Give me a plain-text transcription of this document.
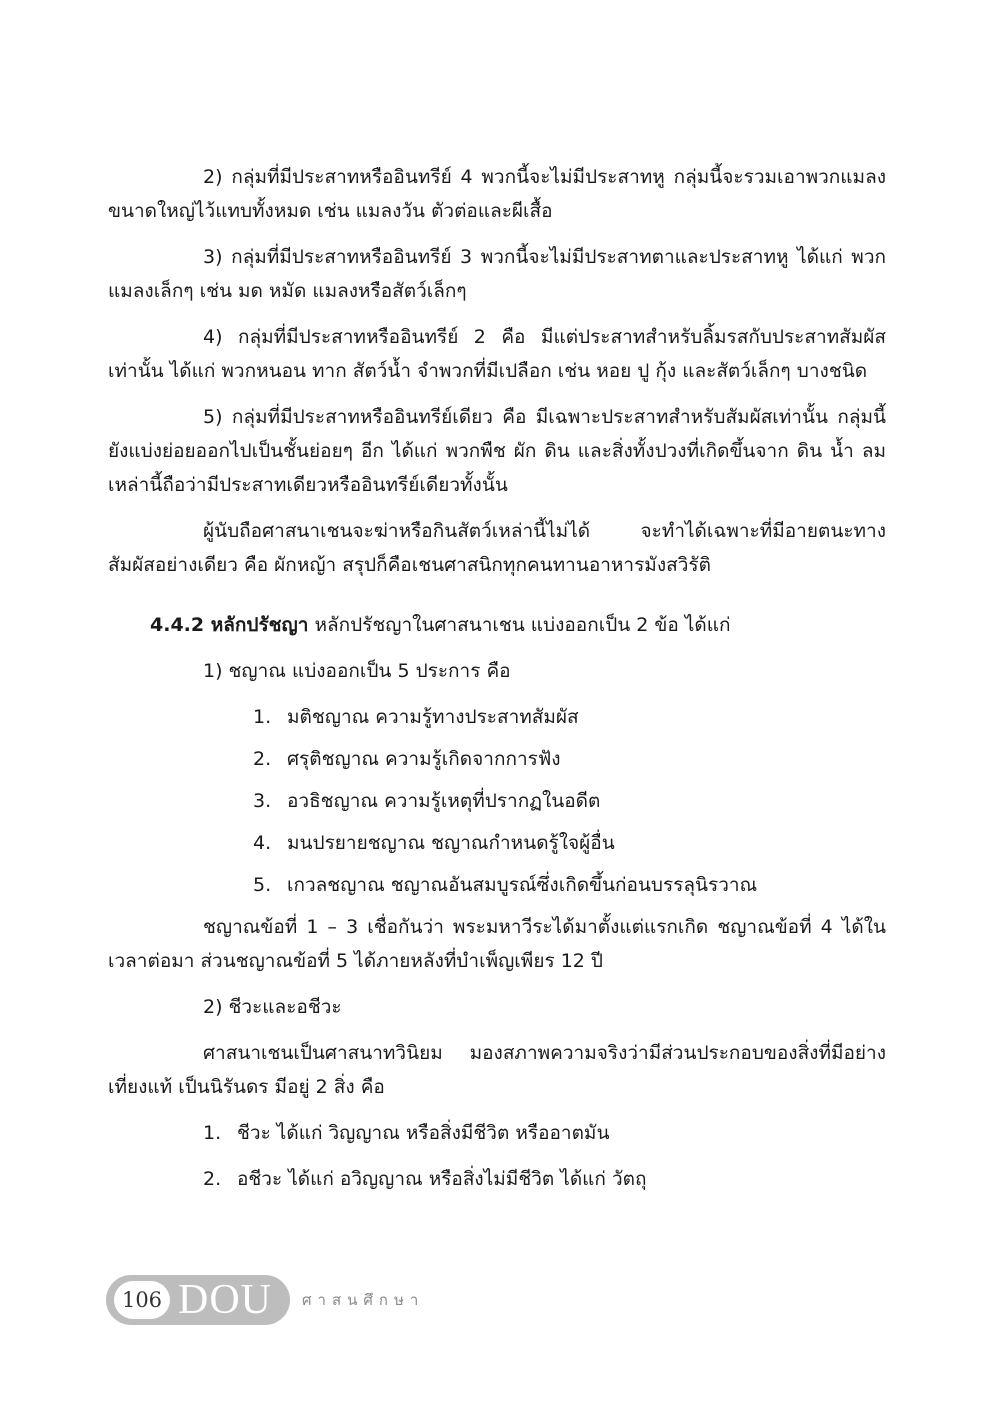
2) กลุ่มที่มีประสาทหรืออินทรีย์ 4 พวกนี้จะไม่มีประสาทหู กลุ่มนี้จะรวมเอาพวกแมลงขนาดใหญ่ไว้แทบทั้งหมด เช่น แมลงวัน ตัวต่อและผีเสื้อ

3) กลุ่มที่มีประสาทหรืออินทรีย์ 3 พวกนี้จะไม่มีประสาทตาและประสาทหู ได้แก่ พวกแมลงเล็กๆ เช่น มด หมัด แมลงหรือสัตว์เล็กๆ

4) กลุ่มที่มีประสาทหรืออินทรีย์ 2 คือ มีแต่ประสาทสำหรับลิ้มรสกับประสาทสัมผัสเท่านั้น ได้แก่ พวกหนอน ทาก สัตว์น้ำ จำพวกที่มีเปลือก เช่น หอย ปู กุ้ง และสัตว์เล็กๆ บางชนิด

5) กลุ่มที่มีประสาทหรืออินทรีย์เดียว คือ มีเฉพาะประสาทสำหรับสัมผัสเท่านั้น กลุ่มนี้ยังแบ่งย่อยออกไปเป็นชั้นย่อยๆ อีก ได้แก่ พวกพืช ผัก ดิน และสิ่งทั้งปวงที่เกิดขึ้นจาก ดิน น้ำ ลม เหล่านี้ถือว่ามีประสาทเดียวหรืออินทรีย์เดียวทั้งนั้น

ผู้นับถือศาสนาเชนจะฆ่าหรือกินสัตว์เหล่านี้ไม่ได้ จะทำได้เฉพาะที่มีอายตนะทางสัมผัสอย่างเดียว คือ ผักหญ้า สรุปก็คือเชนศาสนิกทุกคนทานอาหารมังสวิรัติ

4.4.2 หลักปรัชญา หลักปรัชญาในศาสนาเชน แบ่งออกเป็น 2 ข้อ ได้แก่

1) ชญาณ แบ่งออกเป็น 5 ประการ คือ

1. มติชญาณ ความรู้ทางประสาทสัมผัส
2. ศรุติชญาณ ความรู้เกิดจากการฟัง
3. อวธิชญาณ ความรู้เหตุที่ปรากฏในอดีต
4. มนปรยายชญาณ ชญาณกำหนดรู้ใจผู้อื่น
5. เกวลชญาณ ชญาณอันสมบูรณ์ซึ่งเกิดขึ้นก่อนบรรลุนิรวาณ

ชญาณข้อที่ 1 – 3 เชื่อกันว่า พระมหาวีระได้มาตั้งแต่แรกเกิด ชญาณข้อที่ 4 ได้ในเวลาต่อมา ส่วนชญาณข้อที่ 5 ได้ภายหลังที่บำเพ็ญเพียร 12 ปี

2) ชีวะและอชีวะ

ศาสนาเชนเป็นศาสนาทวินิยม มองสภาพความจริงว่ามีส่วนประกอบของสิ่งที่มีอย่างเที่ยงแท้ เป็นนิรันดร มีอยู่ 2 สิ่ง คือ

1. ชีวะ ได้แก่ วิญญาณ หรือสิ่งมีชีวิต หรืออาตมัน
2. อชีวะ ได้แก่ อวิญญาณ หรือสิ่งไม่มีชีวิต ได้แก่ วัตถุ
106 DOU ศาสนศึกษา
